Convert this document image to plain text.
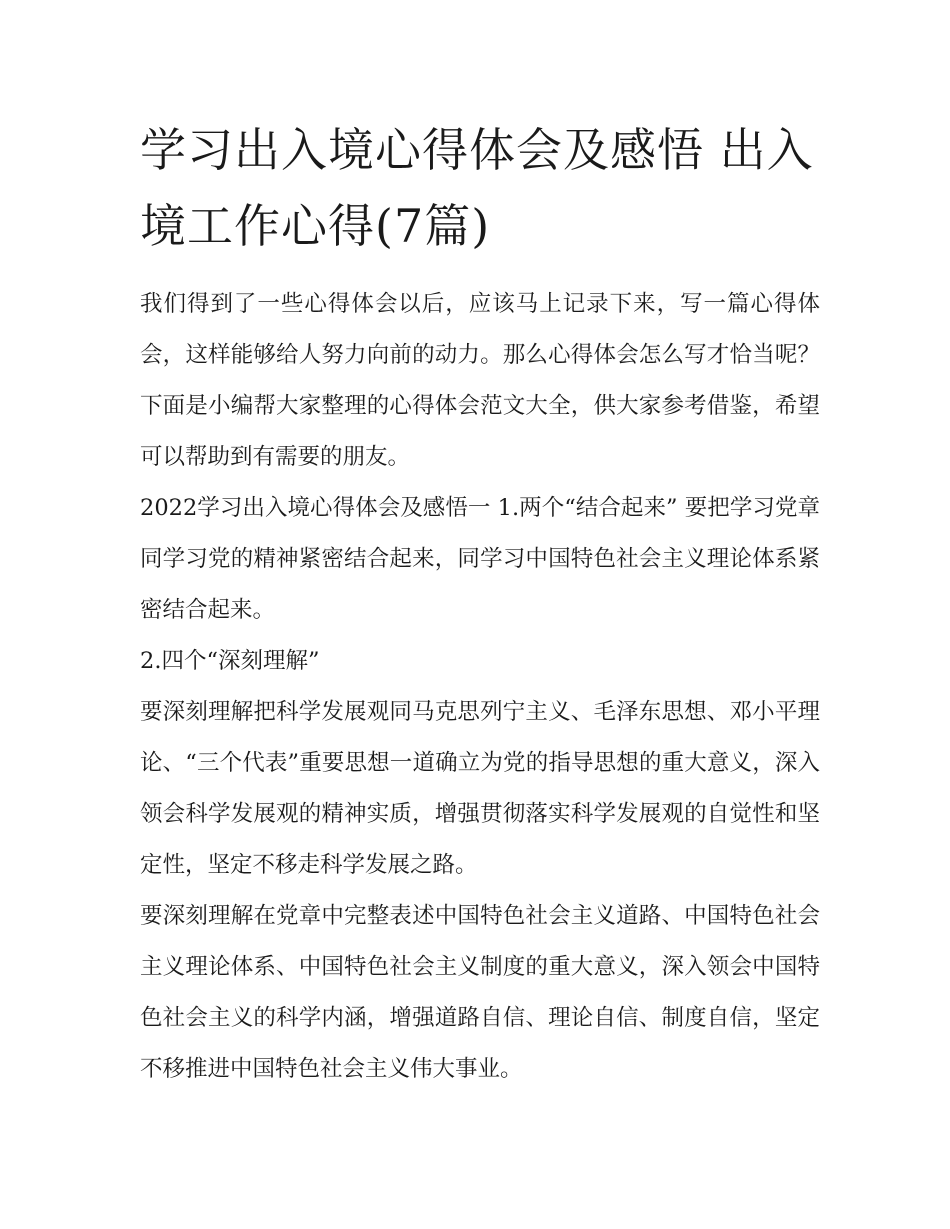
学习出入境心得体会及感悟 出入境工作心得(7篇)

我们得到了一些心得体会以后，应该马上记录下来，写一篇心得体会，这样能够给人努力向前的动力。那么心得体会怎么写才恰当呢？下面是小编帮大家整理的心得体会范文大全，供大家参考借鉴，希望可以帮助到有需要的朋友。

2022学习出入境心得体会及感悟一 1.两个“结合起来” 要把学习党章同学习党的精神紧密结合起来，同学习中国特色社会主义理论体系紧密结合起来。

2.四个“深刻理解”

要深刻理解把科学发展观同马克思列宁主义、毛泽东思想、邓小平理论、“三个代表”重要思想一道确立为党的指导思想的重大意义，深入领会科学发展观的精神实质，增强贯彻落实科学发展观的自觉性和坚定性，坚定不移走科学发展之路。

要深刻理解在党章中完整表述中国特色社会主义道路、中国特色社会主义理论体系、中国特色社会主义制度的重大意义，深入领会中国特色社会主义的科学内涵，增强道路自信、理论自信、制度自信，坚定不移推进中国特色社会主义伟大事业。
